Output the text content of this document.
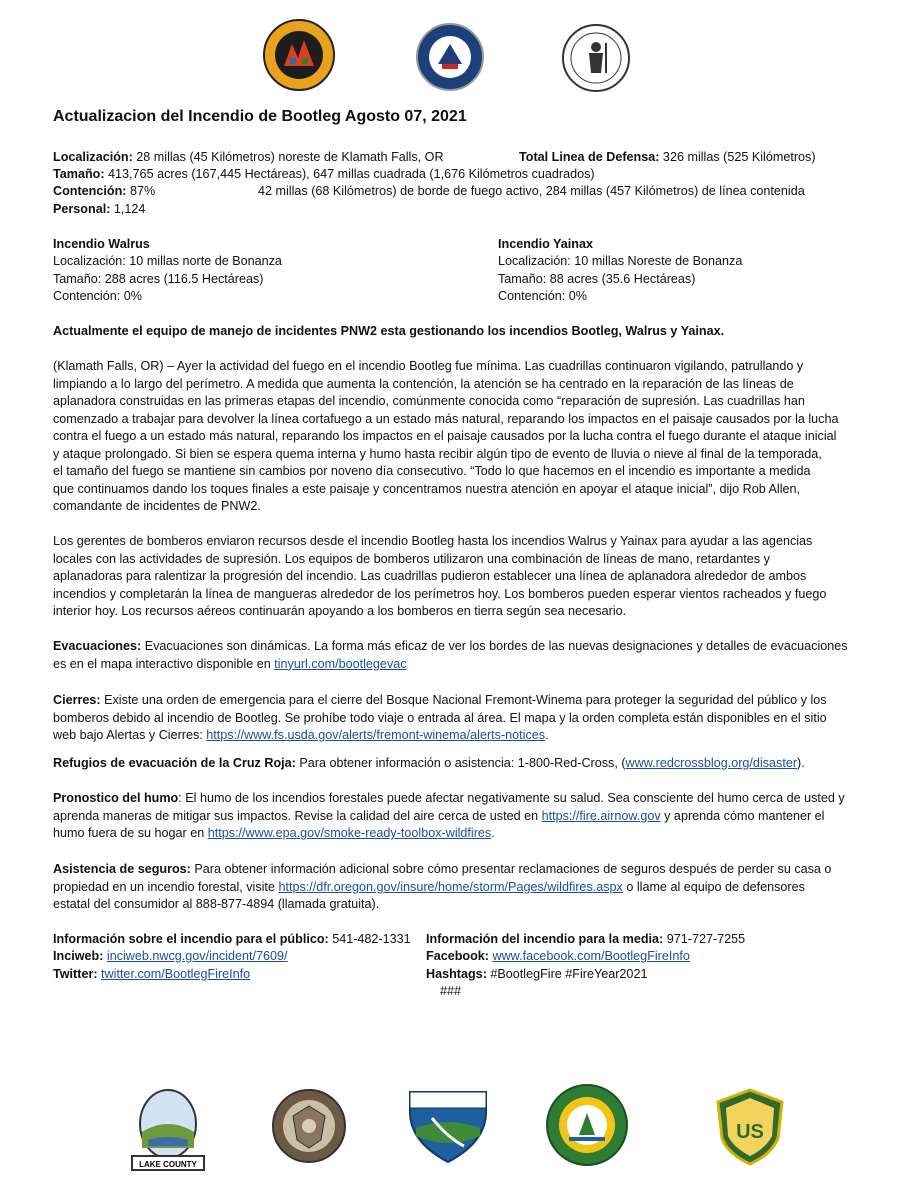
Actualizacion del Incendio de Bootleg Agosto 07, 2021
Localización: 28 millas (45 Kilómetros) noreste de Klamath Falls, OR	Total Linea de Defensa: 326 millas (525 Kilómetros)
Tamaño: 413,765 acres (167,445 Hectáreas), 647 millas cuadrada (1,676 Kilómetros cuadrados)
Contención: 87%	42 millas (68 Kilómetros) de borde de fuego activo, 284 millas (457 Kilómetros) de línea contenida
Personal: 1,124
Incendio Walrus
Localización: 10 millas norte de Bonanza
Tamaño: 288 acres (116.5 Hectáreas)
Contención: 0%
Incendio Yainax
Localización: 10 millas Noreste de Bonanza
Tamaño: 88 acres (35.6 Hectáreas)
Contención: 0%
Actualmente el equipo de manejo de incidentes PNW2 esta gestionando los incendios Bootleg, Walrus y Yainax.
(Klamath Falls, OR) – Ayer la actividad del fuego en el incendio Bootleg fue mínima. Las cuadrillas continuaron vigilando, patrullando y
limpiando a lo largo del perímetro. A medida que aumenta la contención, la atención se ha centrado en la reparación de las líneas de
aplanadora construidas en las primeras etapas del incendio, comúnmente conocida como “reparación de supresión. Las cuadrillas han
comenzado a trabajar para devolver la línea cortafuego a un estado más natural, reparando los impactos en el paisaje causados por la lucha
contra el fuego a un estado más natural, reparando los impactos en el paisaje causados por la lucha contra el fuego durante el ataque inicial
y ataque prolongado. Si bien se espera quema interna y humo hasta recibir algún tipo de evento de lluvia o nieve al final de la temporada,
el tamaño del fuego se mantiene sin cambios por noveno día consecutivo. “Todo lo que hacemos en el incendio es importante a medida
que continuamos dando los toques finales a este paisaje y concentramos nuestra atención en apoyar el ataque inicial”, dijo Rob Allen,
comandante de incidentes de PNW2.
Los gerentes de bomberos enviaron recursos desde el incendio Bootleg hasta los incendios Walrus y Yainax para ayudar a las agencias
locales con las actividades de supresión. Los equipos de bomberos utilizaron una combinación de líneas de mano, retardantes y
aplanadoras para ralentizar la progresión del incendio. Las cuadrillas pudieron establecer una línea de aplanadora alrededor de ambos
incendios y completarán la línea de mangueras alrededor de los perímetros hoy. Los bomberos pueden esperar vientos racheados y fuego
interior hoy. Los recursos aéreos continuarán apoyando a los bomberos en tierra según sea necesario.
Evacuaciones: Evacuaciones son dinámicas. La forma más eficaz de ver los bordes de las nuevas designaciones y detalles de evacuaciones
es en el mapa interactivo disponible en tinyurl.com/bootlegevac
Cierres: Existe una orden de emergencia para el cierre del Bosque Nacional Fremont-Winema para proteger la seguridad del público y los
bomberos debido al incendio de Bootleg. Se prohíbe todo viaje o entrada al área. El mapa y la orden completa están disponibles en el sitio
web bajo Alertas y Cierres: https://www.fs.usda.gov/alerts/fremont-winema/alerts-notices.
Refugios de evacuación de la Cruz Roja: Para obtener información o asistencia: 1-800-Red-Cross, (www.redcrossblog.org/disaster).
Pronostico del humo: El humo de los incendios forestales puede afectar negativamente su salud. Sea consciente del humo cerca de usted y
aprenda maneras de mitigar sus impactos. Revise la calidad del aire cerca de usted en https://fire.airnow.gov y aprenda cómo mantener el
humo fuera de su hogar en https://www.epa.gov/smoke-ready-toolbox-wildfires.
Asistencia de seguros: Para obtener información adicional sobre cómo presentar reclamaciones de seguros después de perder su casa o
propiedad en un incendio forestal, visite https://dfr.oregon.gov/insure/home/storm/Pages/wildfires.aspx o llame al equipo de defensores
estatal del consumidor al 888-877-4894 (llamada gratuita).
Información sobre el incendio para el público: 541-482-1331 Información del incendio para la media: 971-727-7255
Inciweb: inciweb.nwcg.gov/incident/7609/	Facebook: www.facebook.com/BootlegFireInfo
Twitter: twitter.com/BootlegFireInfo	Hashtags: #BootlegFire #FireYear2021
###
LAKE COUNTY
US
